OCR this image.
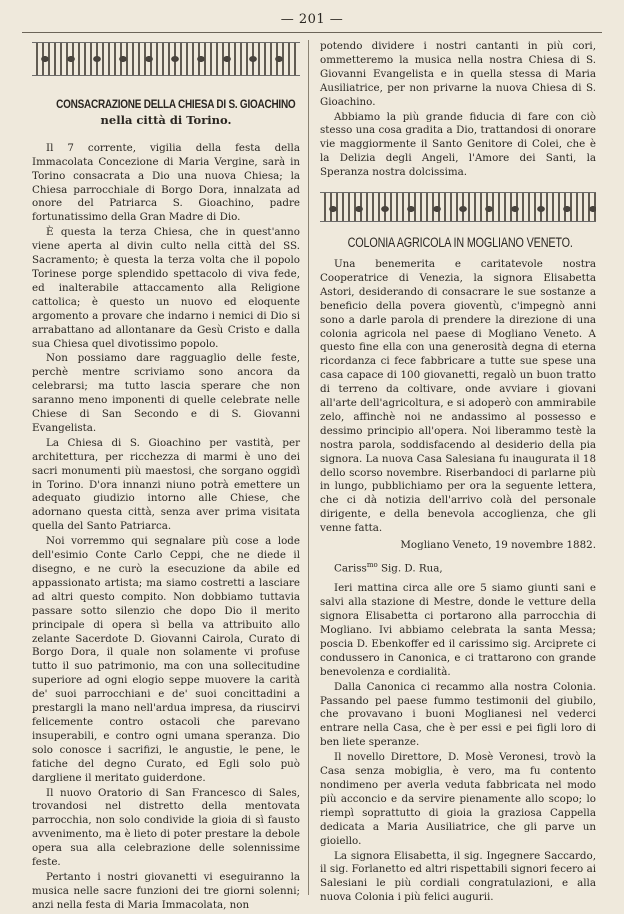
— 201 —
CONSACRAZIONE DELLA CHIESA DI S. GIOACHINO
nella città di Torino.

Il 7 corrente, vigilia della festa della Immacolata Concezione di Maria Vergine, sarà in Torino consacrata a Dio una nuova Chiesa; la Chiesa parrocchiale di Borgo Dora, innalzata ad onore del Patriarca S. Gioachino, padre fortunatissimo della Gran Madre di Dio.

È questa la terza Chiesa, che in quest'anno viene aperta al divin culto nella città del SS. Sacramento; è questa la terza volta che il popolo Torinese porge splendido spettacolo di viva fede, ed inalterabile attaccamento alla Religione cattolica; è questo un nuovo ed eloquente argomento a provare che indarno i nemici di Dio si arrabattano ad allontanare da Gesù Cristo e dalla sua Chiesa quel divotissimo popolo.

Non possiamo dare ragguaglio delle feste, perchè mentre scriviamo sono ancora da celebrarsi; ma tutto lascia sperare che non saranno meno imponenti di quelle celebrate nelle Chiese di San Secondo e di S. Giovanni Evangelista.

La Chiesa di S. Gioachino per vastità, per architettura, per ricchezza di marmi è uno dei sacri monumenti più maestosi, che sorgano oggidì in Torino. D'ora innanzi niuno potrà emettere un adequato giudizio intorno alle Chiese, che adornano questa città, senza aver prima visitata quella del Santo Patriarca.

Noi vorremmo qui segnalare più cose a lode dell'esimio Conte Carlo Ceppi, che ne diede il disegno, e ne curò la esecuzione da abile ed appassionato artista; ma siamo costretti a lasciare ad altri questo compito. Non dobbiamo tuttavia passare sotto silenzio che dopo Dio il merito principale di opera sì bella va attribuito allo zelante Sacerdote D. Giovanni Cairola, Curato di Borgo Dora, il quale non solamente vi profuse tutto il suo patrimonio, ma con una sollecitudine superiore ad ogni elogio seppe muovere la carità de' suoi parrocchiani e de' suoi concittadini a prestargli la mano nell'ardua impresa, da riuscirvi felicemente contro ostacoli che parevano insuperabili, e contro ogni umana speranza. Dio solo conosce i sacrifizi, le angustie, le pene, le fatiche del degno Curato, ed Egli solo può dargliene il meritato guiderdone.

Il nuovo Oratorio di San Francesco di Sales, trovandosi nel distretto della mentovata parrocchia, non solo condivide la gioia di sì fausto avvenimento, ma è lieto di poter prestare la debole opera sua alla celebrazione delle solennissime feste.

Pertanto i nostri giovanetti vi eseguiranno la musica nelle sacre funzioni dei tre giorni solenni; anzi nella festa di Maria Immacolata, non

potendo dividere i nostri cantanti in più cori, ommetteremo la musica nella nostra Chiesa di S. Giovanni Evangelista e in quella stessa di Maria Ausiliatrice, per non privarne la nuova Chiesa di S. Gioachino.

Abbiamo la più grande fiducia di fare con ciò stesso una cosa gradita a Dio, trattandosi di onorare vie maggiormente il Santo Genitore di Colei, che è la Delizia degli Angeli, l'Amore dei Santi, la Speranza nostra dolcissima.

COLONIA AGRICOLA IN MOGLIANO VENETO.

Una benemerita e caritatevole nostra Cooperatrice di Venezia, la signora Elisabetta Astori, desiderando di consacrare le sue sostanze a beneficio della povera gioventù, c'impegnò anni sono a darle parola di prendere la direzione di una colonia agricola nel paese di Mogliano Veneto. A questo fine ella con una generosità degna di eterna ricordanza ci fece fabbricare a tutte sue spese una casa capace di 100 giovanetti, regalò un buon tratto di terreno da coltivare, onde avviare i giovani all'arte dell'agricoltura, e si adoperò con ammirabile zelo, affinchè noi ne andassimo al possesso e dessimo principio all'opera. Noi liberammo testè la nostra parola, soddisfacendo al desiderio della pia signora. La nuova Casa Salesiana fu inaugurata il 18 dello scorso novembre. Riserbandoci di parlarne più in lungo, pubblichiamo per ora la seguente lettera, che ci dà notizia dell'arrivo colà del personale dirigente, e della benevola accoglienza, che gli venne fatta.

Mogliano Veneto, 19 novembre 1882.
Cariss$^{mo}$ Sig. D. Rua,

Ieri mattina circa alle ore 5 siamo giunti sani e salvi alla stazione di Mestre, donde le vetture della signora Elisabetta ci portarono alla parrocchia di Mogliano. Ivi abbiamo celebrata la santa Messa; poscia D. Ebenkoffer ed il carissimo sig. Arciprete ci condussero in Canonica, e ci trattarono con grande benevolenza e cordialità.

Dalla Canonica ci recammo alla nostra Colonia. Passando pel paese fummo testimonii del giubilo, che provavano i buoni Moglianesi nel vederci entrare nella Casa, che è per essi e pei figli loro di ben liete speranze.

Il novello Direttore, D. Mosè Veronesi, trovò la Casa senza mobiglia, è vero, ma fu contento nondimeno per averla veduta fabbricata nel modo più acconcio e da servire pienamente allo scopo; lo riempì soprattutto di gioia la graziosa Cappella dedicata a Maria Ausiliatrice, che gli parve un gioiello.

La signora Elisabetta, il sig. Ingegnere Saccardo, il sig. Forlanetto ed altri rispettabili signori fecero ai Salesiani le più cordiali congratulazioni, e alla nuova Colonia i più felici augurii.
